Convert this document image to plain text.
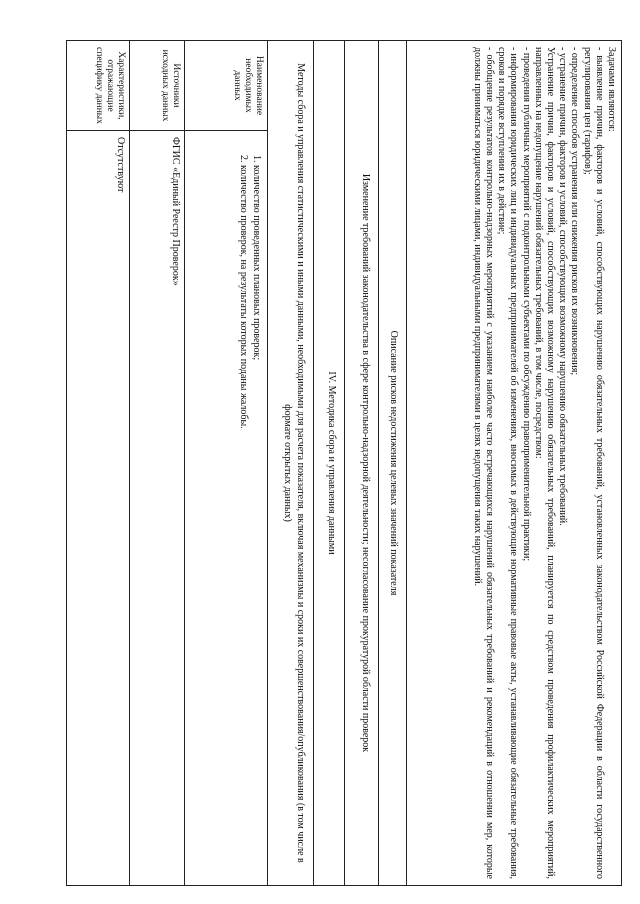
Задачами являются:

- выявление причин, факторов и условий, способствующих нарушению обязательных требований, установленных законодательством Российской Федерации в области государственного регулирования цен (тарифов);

- определение способов устранения или снижения рисков их возникновения;

- устранение причин, факторов и условий, способствующих возможному нарушению обязательных требований.

Устранение причин, факторов и условий, способствующих возможному нарушению обязательных требований, планируется по средством проведения профилактических мероприятий, направленных на недопущение нарушений обязательных требований, в том числе, посредством:

- проведения публичных мероприятий с подконтрольными субъектами по обсуждению правоприменительной практики;

- информирования юридических лиц и индивидуальных предпринимателей об изменениях, вносимых в действующие нормативные правовые акты, устанавливающие обязательные требования, сроков и порядке вступления их в действие;

- обобщение результатов контрольно-надзорных мероприятий с указанием наиболее часто встречающихся нарушений обязательных требований и рекомендаций в отношении мер, которые должны приниматься юридическими лицами, индивидуальными предпринимателями в целях недопущения таких нарушений.

Описание рисков недостижения целевых значений показателя
Изменение требований законодательства в сфере контрольно-надзорной деятельности; несогласование прокуратурой области проверок
IV. Методика сбора и управления данными
Методы сбора и управления статистическими и иными данными, необходимыми для расчета показателя, включая механизмы и сроки их совершенствования/опубликования (в том числе в формате открытых данных)
Наименование необходимых данных
1. количество проведенных плановых проверок;
2. количество проверок, на результаты которых поданы жалобы.
Источники исходных данных
ФГИС «Единый Реестр Проверок»
Характеристики, отражающие специфику данных
Отсутствуют
